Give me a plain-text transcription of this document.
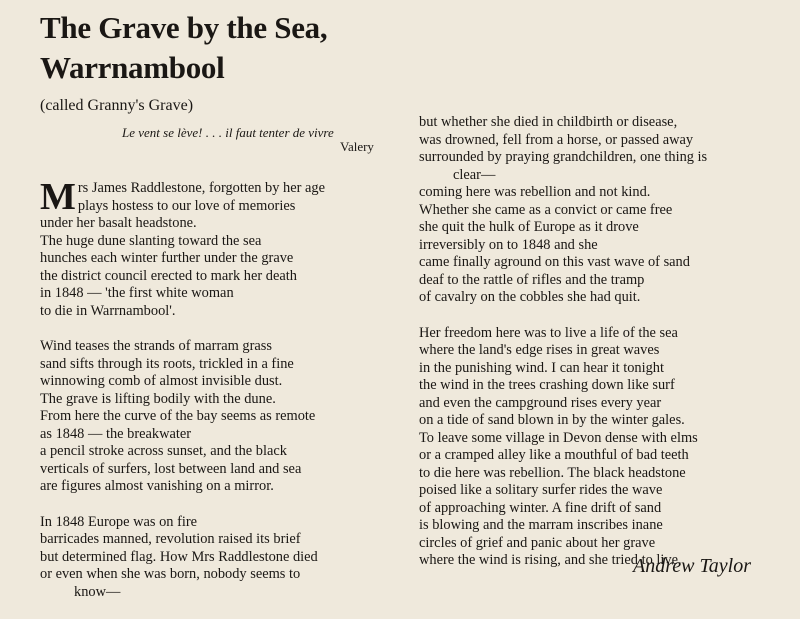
The Grave by the Sea,
Warrnambool

(called Granny's Grave)

Le vent se lève! . . . il faut tenter de vivre

Valery

Mrs James Raddlestone, forgotten by her age
plays hostess to our love of memories
under her basalt headstone.
The huge dune slanting toward the sea
hunches each winter further under the grave
the district council erected to mark her death
in 1848 — 'the first white woman
to die in Warrnambool'.
Wind teases the strands of marram grass
sand sifts through its roots, trickled in a fine
winnowing comb of almost invisible dust.
The grave is lifting bodily with the dune.
From here the curve of the bay seems as remote
as 1848 — the breakwater
a pencil stroke across sunset, and the black
verticals of surfers, lost between land and sea
are figures almost vanishing on a mirror.
In 1848 Europe was on fire
barricades manned, revolution raised its brief
but determined flag. How Mrs Raddlestone died
or even when she was born, nobody seems to
know—
but whether she died in childbirth or disease,
was drowned, fell from a horse, or passed away
surrounded by praying grandchildren, one thing is
clear—
coming here was rebellion and not kind.
Whether she came as a convict or came free
she quit the hulk of Europe as it drove
irreversibly on to 1848 and she
came finally aground on this vast wave of sand
deaf to the rattle of rifles and the tramp
of cavalry on the cobbles she had quit.
Her freedom here was to live a life of the sea
where the land's edge rises in great waves
in the punishing wind. I can hear it tonight
the wind in the trees crashing down like surf
and even the campground rises every year
on a tide of sand blown in by the winter gales.
To leave some village in Devon dense with elms
or a cramped alley like a mouthful of bad teeth
to die here was rebellion. The black headstone
poised like a solitary surfer rides the wave
of approaching winter. A fine drift of sand
is blowing and the marram inscribes inane
circles of grief and panic about her grave
where the wind is rising, and she tried to live.

Andrew Taylor
